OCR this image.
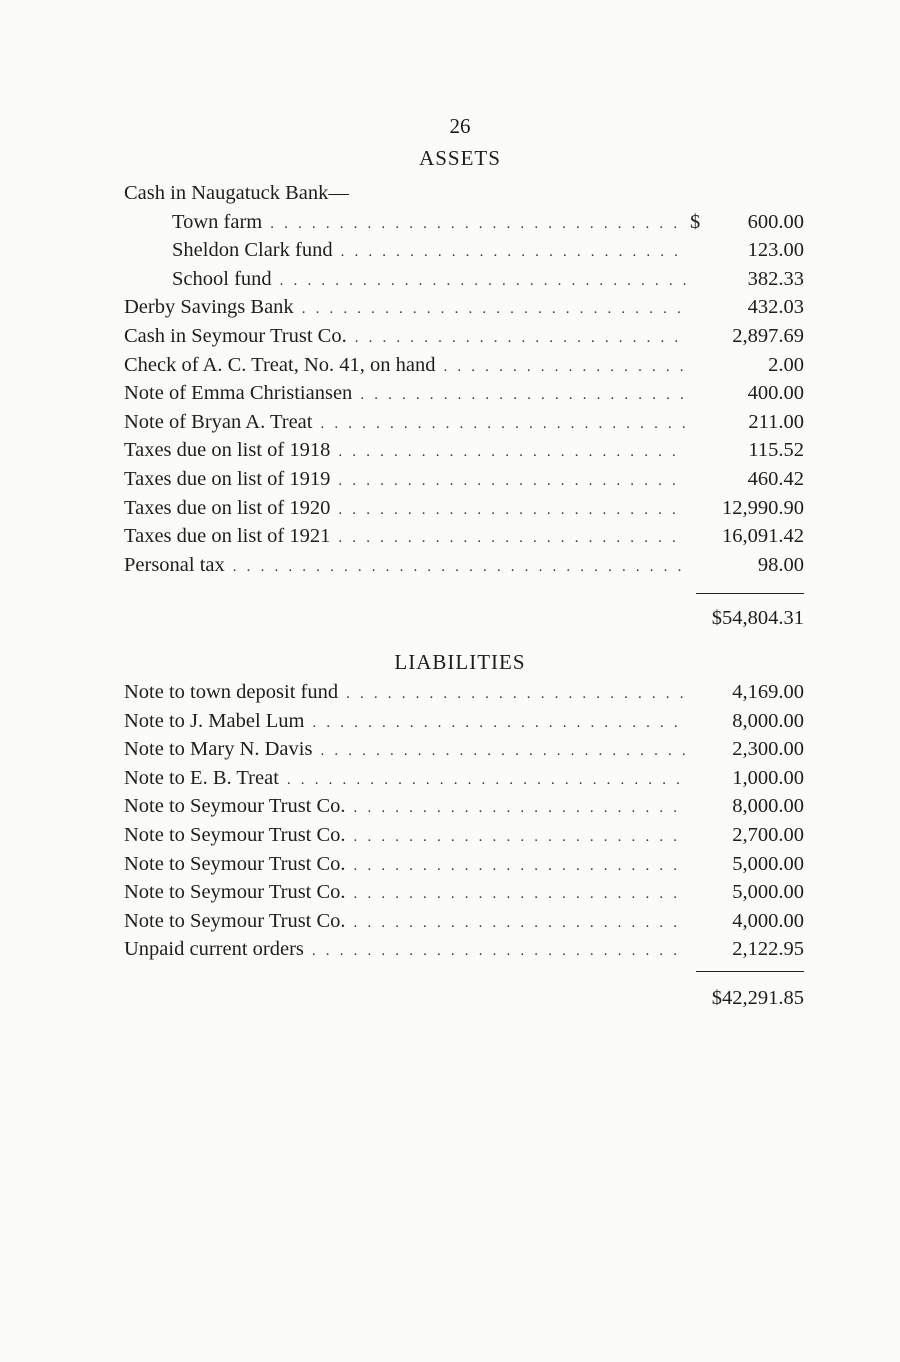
26
ASSETS
Cash in Naugatuck Bank—
Town farm . . .	$	600.00
Sheldon Clark fund . . .	123.00
School fund . . .	382.33
Derby Savings Bank . . .	432.03
Cash in Seymour Trust Co. . . .	2,897.69
Check of A. C. Treat, No. 41, on hand . . .	2.00
Note of Emma Christiansen . . .	400.00
Note of Bryan A. Treat . . .	211.00
Taxes due on list of 1918 . . .	115.52
Taxes due on list of 1919 . . .	460.42
Taxes due on list of 1920 . . .	12,990.90
Taxes due on list of 1921 . . .	16,091.42
Personal tax . . .	98.00
$54,804.31
LIABILITIES
Note to town deposit fund . . .	4,169.00
Note to J. Mabel Lum . . .	8,000.00
Note to Mary N. Davis . . .	2,300.00
Note to E. B. Treat . . .	1,000.00
Note to Seymour Trust Co. . . .	8,000.00
Note to Seymour Trust Co. . . .	2,700.00
Note to Seymour Trust Co. . . .	5,000.00
Note to Seymour Trust Co. . . .	5,000.00
Note to Seymour Trust Co. . . .	4,000.00
Unpaid current orders . . .	2,122.95
$42,291.85
